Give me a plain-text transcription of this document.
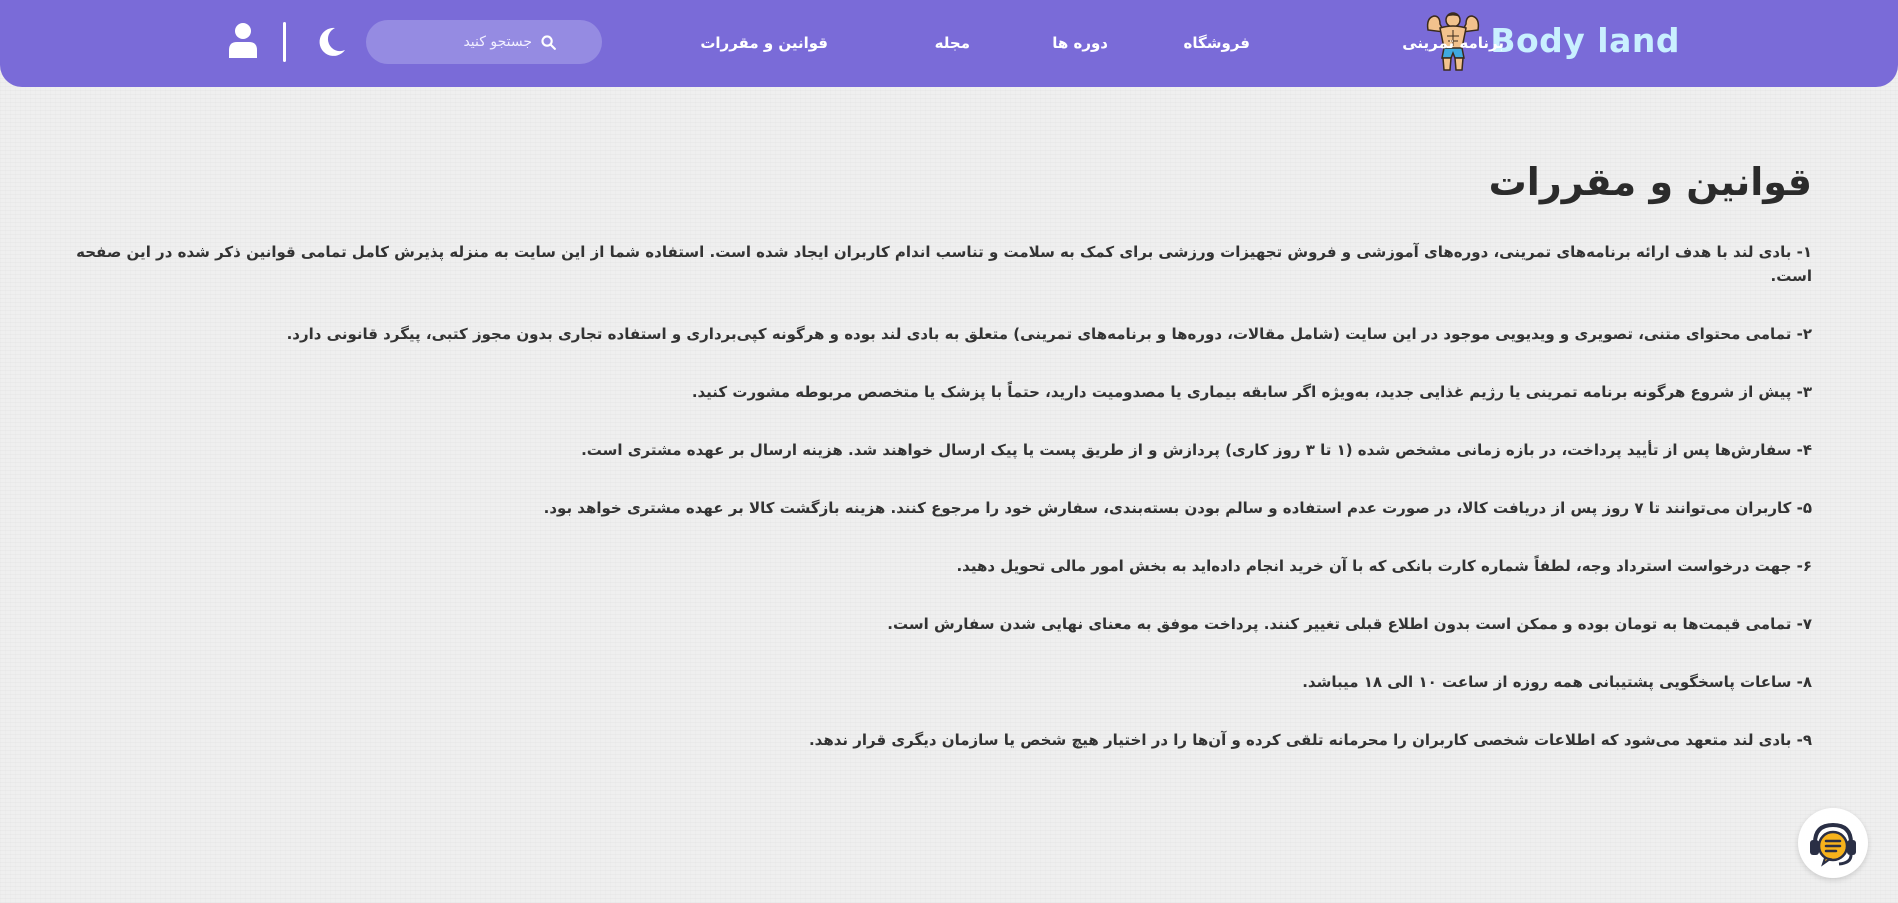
Body land
برنامه تمرینی
فروشگاه
دوره ها
مجله
قوانین و مقررات
جستجو کنید
قوانین و مقررات

۱- بادی لند با هدف ارائه برنامه‌های تمرینی، دوره‌های آموزشی و فروش تجهیزات ورزشی برای کمک به سلامت و تناسب اندام کاربران ایجاد شده است. استفاده شما از این سایت به منزله پذیرش کامل تمامی قوانین ذکر شده در این صفحه است.

۲- تمامی محتوای متنی، تصویری و ویدیویی موجود در این سایت (شامل مقالات، دوره‌ها و برنامه‌های تمرینی) متعلق به بادی لند بوده و هرگونه کپی‌برداری و استفاده تجاری بدون مجوز کتبی، پیگرد قانونی دارد.

۳- پیش از شروع هرگونه برنامه تمرینی یا رژیم غذایی جدید، به‌ویژه اگر سابقه بیماری یا مصدومیت دارید، حتماً با پزشک یا متخصص مربوطه مشورت کنید.

۴- سفارش‌ها پس از تأیید پرداخت، در بازه زمانی مشخص شده (۱ تا ۳ روز کاری) پردازش و از طریق پست یا پیک ارسال خواهند شد. هزینه ارسال بر عهده مشتری است.

۵- کاربران می‌توانند تا ۷ روز پس از دریافت کالا، در صورت عدم استفاده و سالم بودن بسته‌بندی، سفارش خود را مرجوع کنند. هزینه بازگشت کالا بر عهده مشتری خواهد بود.

۶- جهت درخواست استرداد وجه، لطفاً شماره کارت بانکی که با آن خرید انجام داده‌اید به بخش امور مالی تحویل دهید.

۷- تمامی قیمت‌ها به تومان بوده و ممکن است بدون اطلاع قبلی تغییر کنند. پرداخت موفق به معنای نهایی شدن سفارش است.

۸- ساعات پاسخگویی پشتیبانی همه روزه از ساعت ۱۰ الی ۱۸ میباشد.

۹- بادی لند متعهد می‌شود که اطلاعات شخصی کاربران را محرمانه تلقی کرده و آن‌ها را در اختیار هیچ شخص یا سازمان دیگری قرار ندهد.
